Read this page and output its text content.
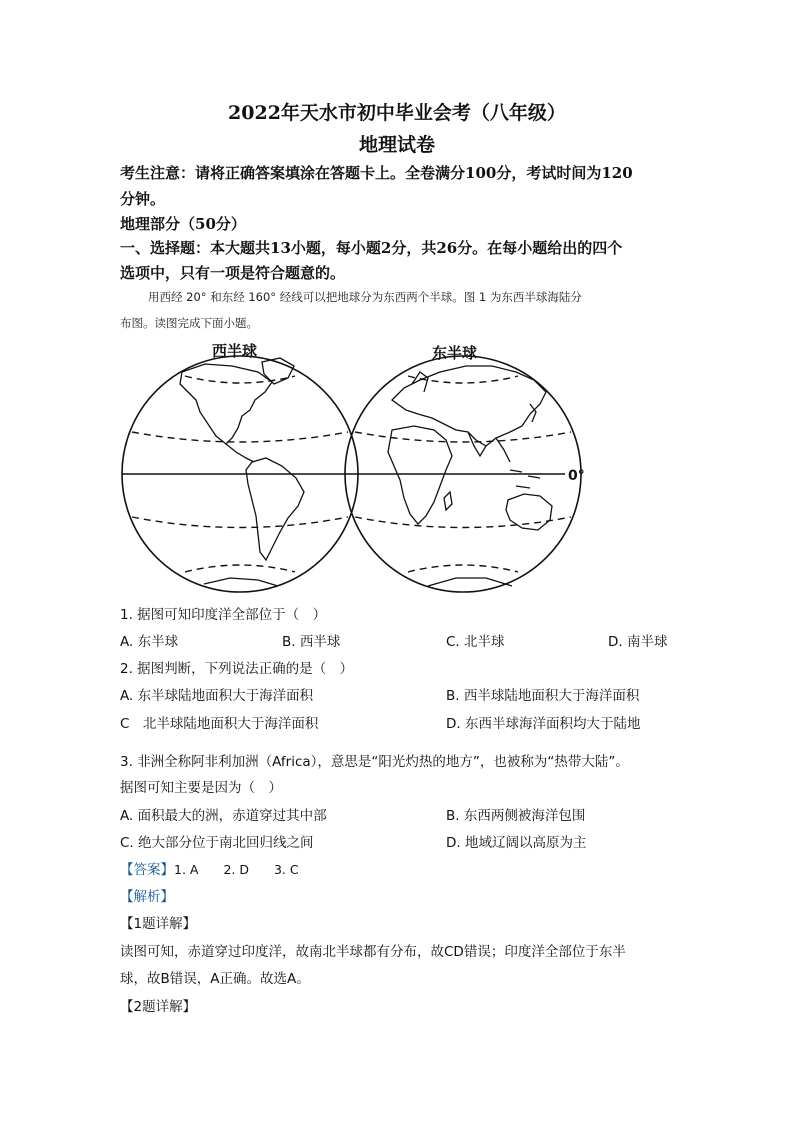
2022年天水市初中毕业会考（八年级）
地理试卷
考生注意：请将正确答案填涂在答题卡上。全卷满分100分，考试时间为120
分钟。
地理部分（50分）
一、选择题：本大题共13小题，每小题2分，共26分。在每小题给出的四个
选项中，只有一项是符合题意的。
用西经 20° 和东经 160° 经线可以把地球分为东西两个半球。图 1 为东西半球海陆分
布图。读图完成下面小题。
西半球	东半球
0°
1. 据图可知印度洋全部位于（　）
A. 东半球	B. 西半球	C. 北半球	D. 南半球
2. 据图判断，下列说法正确的是（　）
A. 东半球陆地面积大于海洋面积	B. 西半球陆地面积大于海洋面积
C　北半球陆地面积大于海洋面积	D. 东西半球海洋面积均大于陆地
3. 非洲全称阿非利加洲（Africa），意思是“阳光灼热的地方”，也被称为“热带大陆”。
据图可知主要是因为（　）
A. 面积最大的洲，赤道穿过其中部	B. 东西两侧被海洋包围
C. 绝大部分位于南北回归线之间	D. 地域辽阔以高原为主
【答案】1. A　　2. D　　3. C
【解析】
【1题详解】
读图可知，赤道穿过印度洋，故南北半球都有分布，故CD错误；印度洋全部位于东半
球，故B错误，A正确。故选A。
【2题详解】
